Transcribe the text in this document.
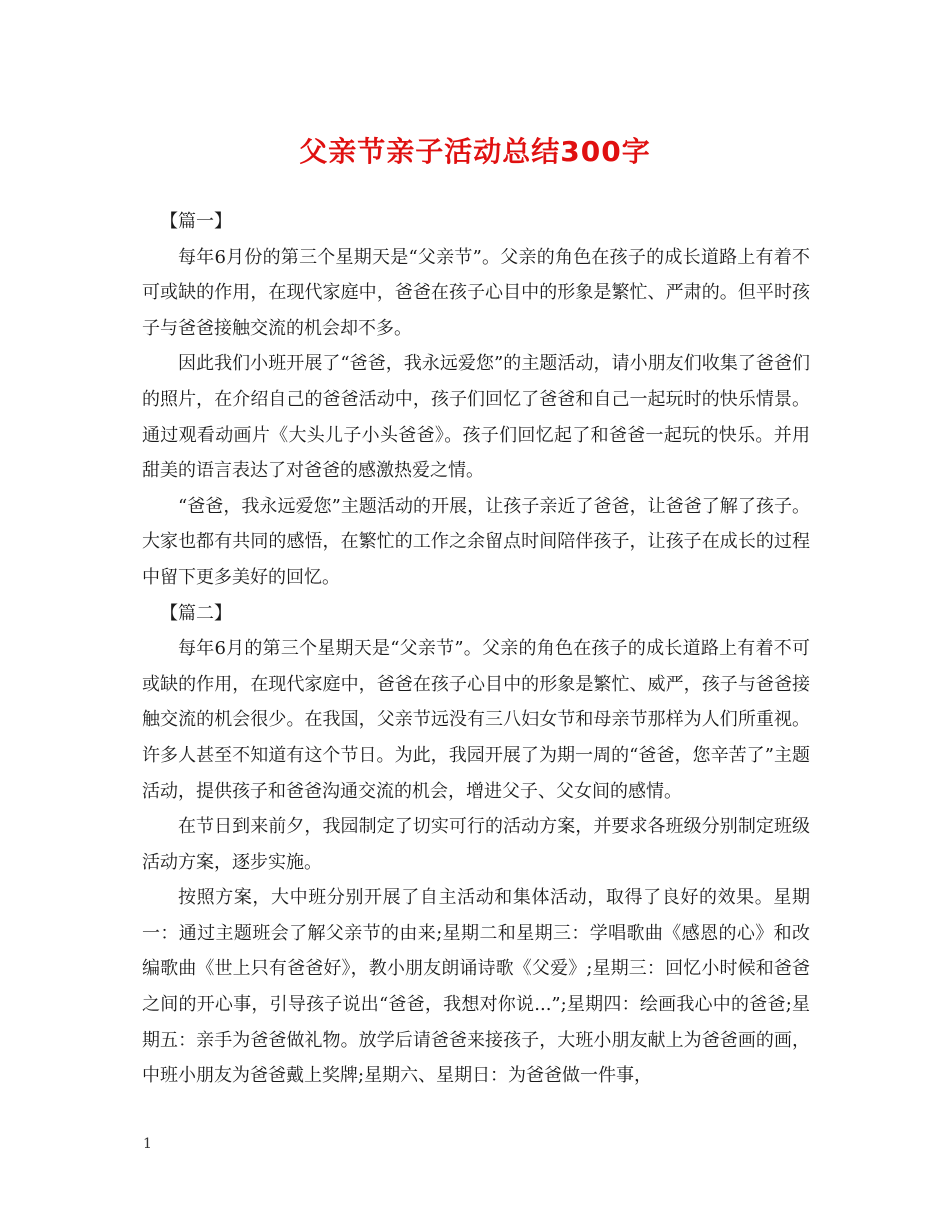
父亲节亲子活动总结300字

【篇一】

每年6月份的第三个星期天是“父亲节”。父亲的角色在孩子的成长道路上有着不可或缺的作用，在现代家庭中，爸爸在孩子心目中的形象是繁忙、严肃的。但平时孩子与爸爸接触交流的机会却不多。

因此我们小班开展了“爸爸，我永远爱您”的主题活动，请小朋友们收集了爸爸们的照片，在介绍自己的爸爸活动中，孩子们回忆了爸爸和自己一起玩时的快乐情景。通过观看动画片《大头儿子小头爸爸》。孩子们回忆起了和爸爸一起玩的快乐。并用甜美的语言表达了对爸爸的感激热爱之情。

“爸爸，我永远爱您”主题活动的开展，让孩子亲近了爸爸，让爸爸了解了孩子。大家也都有共同的感悟，在繁忙的工作之余留点时间陪伴孩子，让孩子在成长的过程中留下更多美好的回忆。

【篇二】

每年6月的第三个星期天是“父亲节”。父亲的角色在孩子的成长道路上有着不可或缺的作用，在现代家庭中，爸爸在孩子心目中的形象是繁忙、威严，孩子与爸爸接触交流的机会很少。在我国，父亲节远没有三八妇女节和母亲节那样为人们所重视。许多人甚至不知道有这个节日。为此，我园开展了为期一周的“爸爸，您辛苦了”主题活动，提供孩子和爸爸沟通交流的机会，增进父子、父女间的感情。

在节日到来前夕，我园制定了切实可行的活动方案，并要求各班级分别制定班级活动方案，逐步实施。

按照方案，大中班分别开展了自主活动和集体活动，取得了良好的效果。星期一：通过主题班会了解父亲节的由来;星期二和星期三：学唱歌曲《感恩的心》和改编歌曲《世上只有爸爸好》，教小朋友朗诵诗歌《父爱》;星期三：回忆小时候和爸爸之间的开心事，引导孩子说出“爸爸，我想对你说...”;星期四：绘画我心中的爸爸;星期五：亲手为爸爸做礼物。放学后请爸爸来接孩子，大班小朋友献上为爸爸画的画，中班小朋友为爸爸戴上奖牌;星期六、星期日：为爸爸做一件事，

1
